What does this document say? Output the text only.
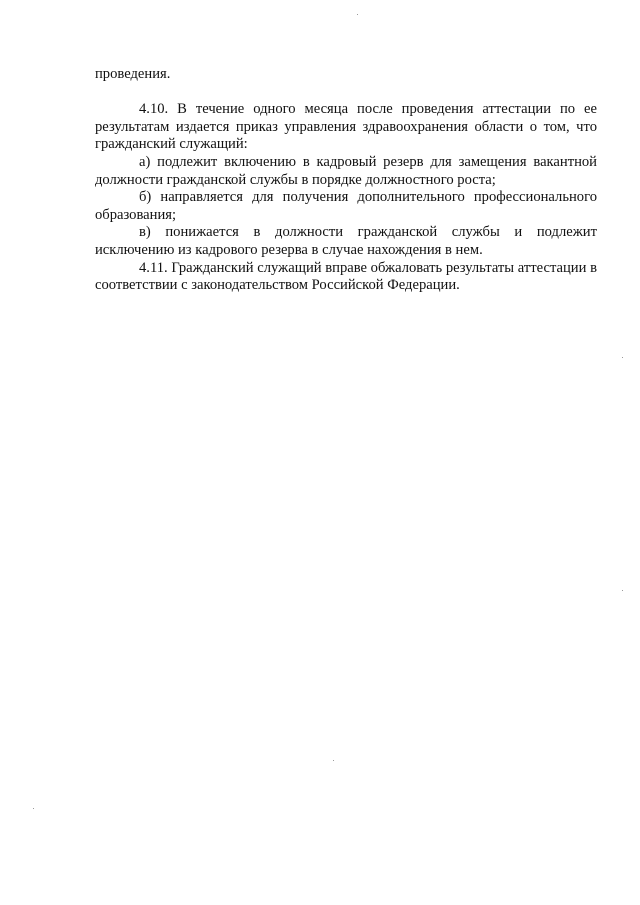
проведения.

4.10. В течение одного месяца после проведения аттестации по ее результатам издается приказ управления здравоохранения области о том, что гражданский служащий:

а) подлежит включению в кадровый резерв для замещения вакантной должности гражданской службы в порядке должностного роста;

б) направляется для получения дополнительного профессионального образования;

в) понижается в должности гражданской службы и подлежит исключению из кадрового резерва в случае нахождения в нем.

4.11. Гражданский служащий вправе обжаловать результаты аттестации в соответствии с законодательством Российской Федерации.
